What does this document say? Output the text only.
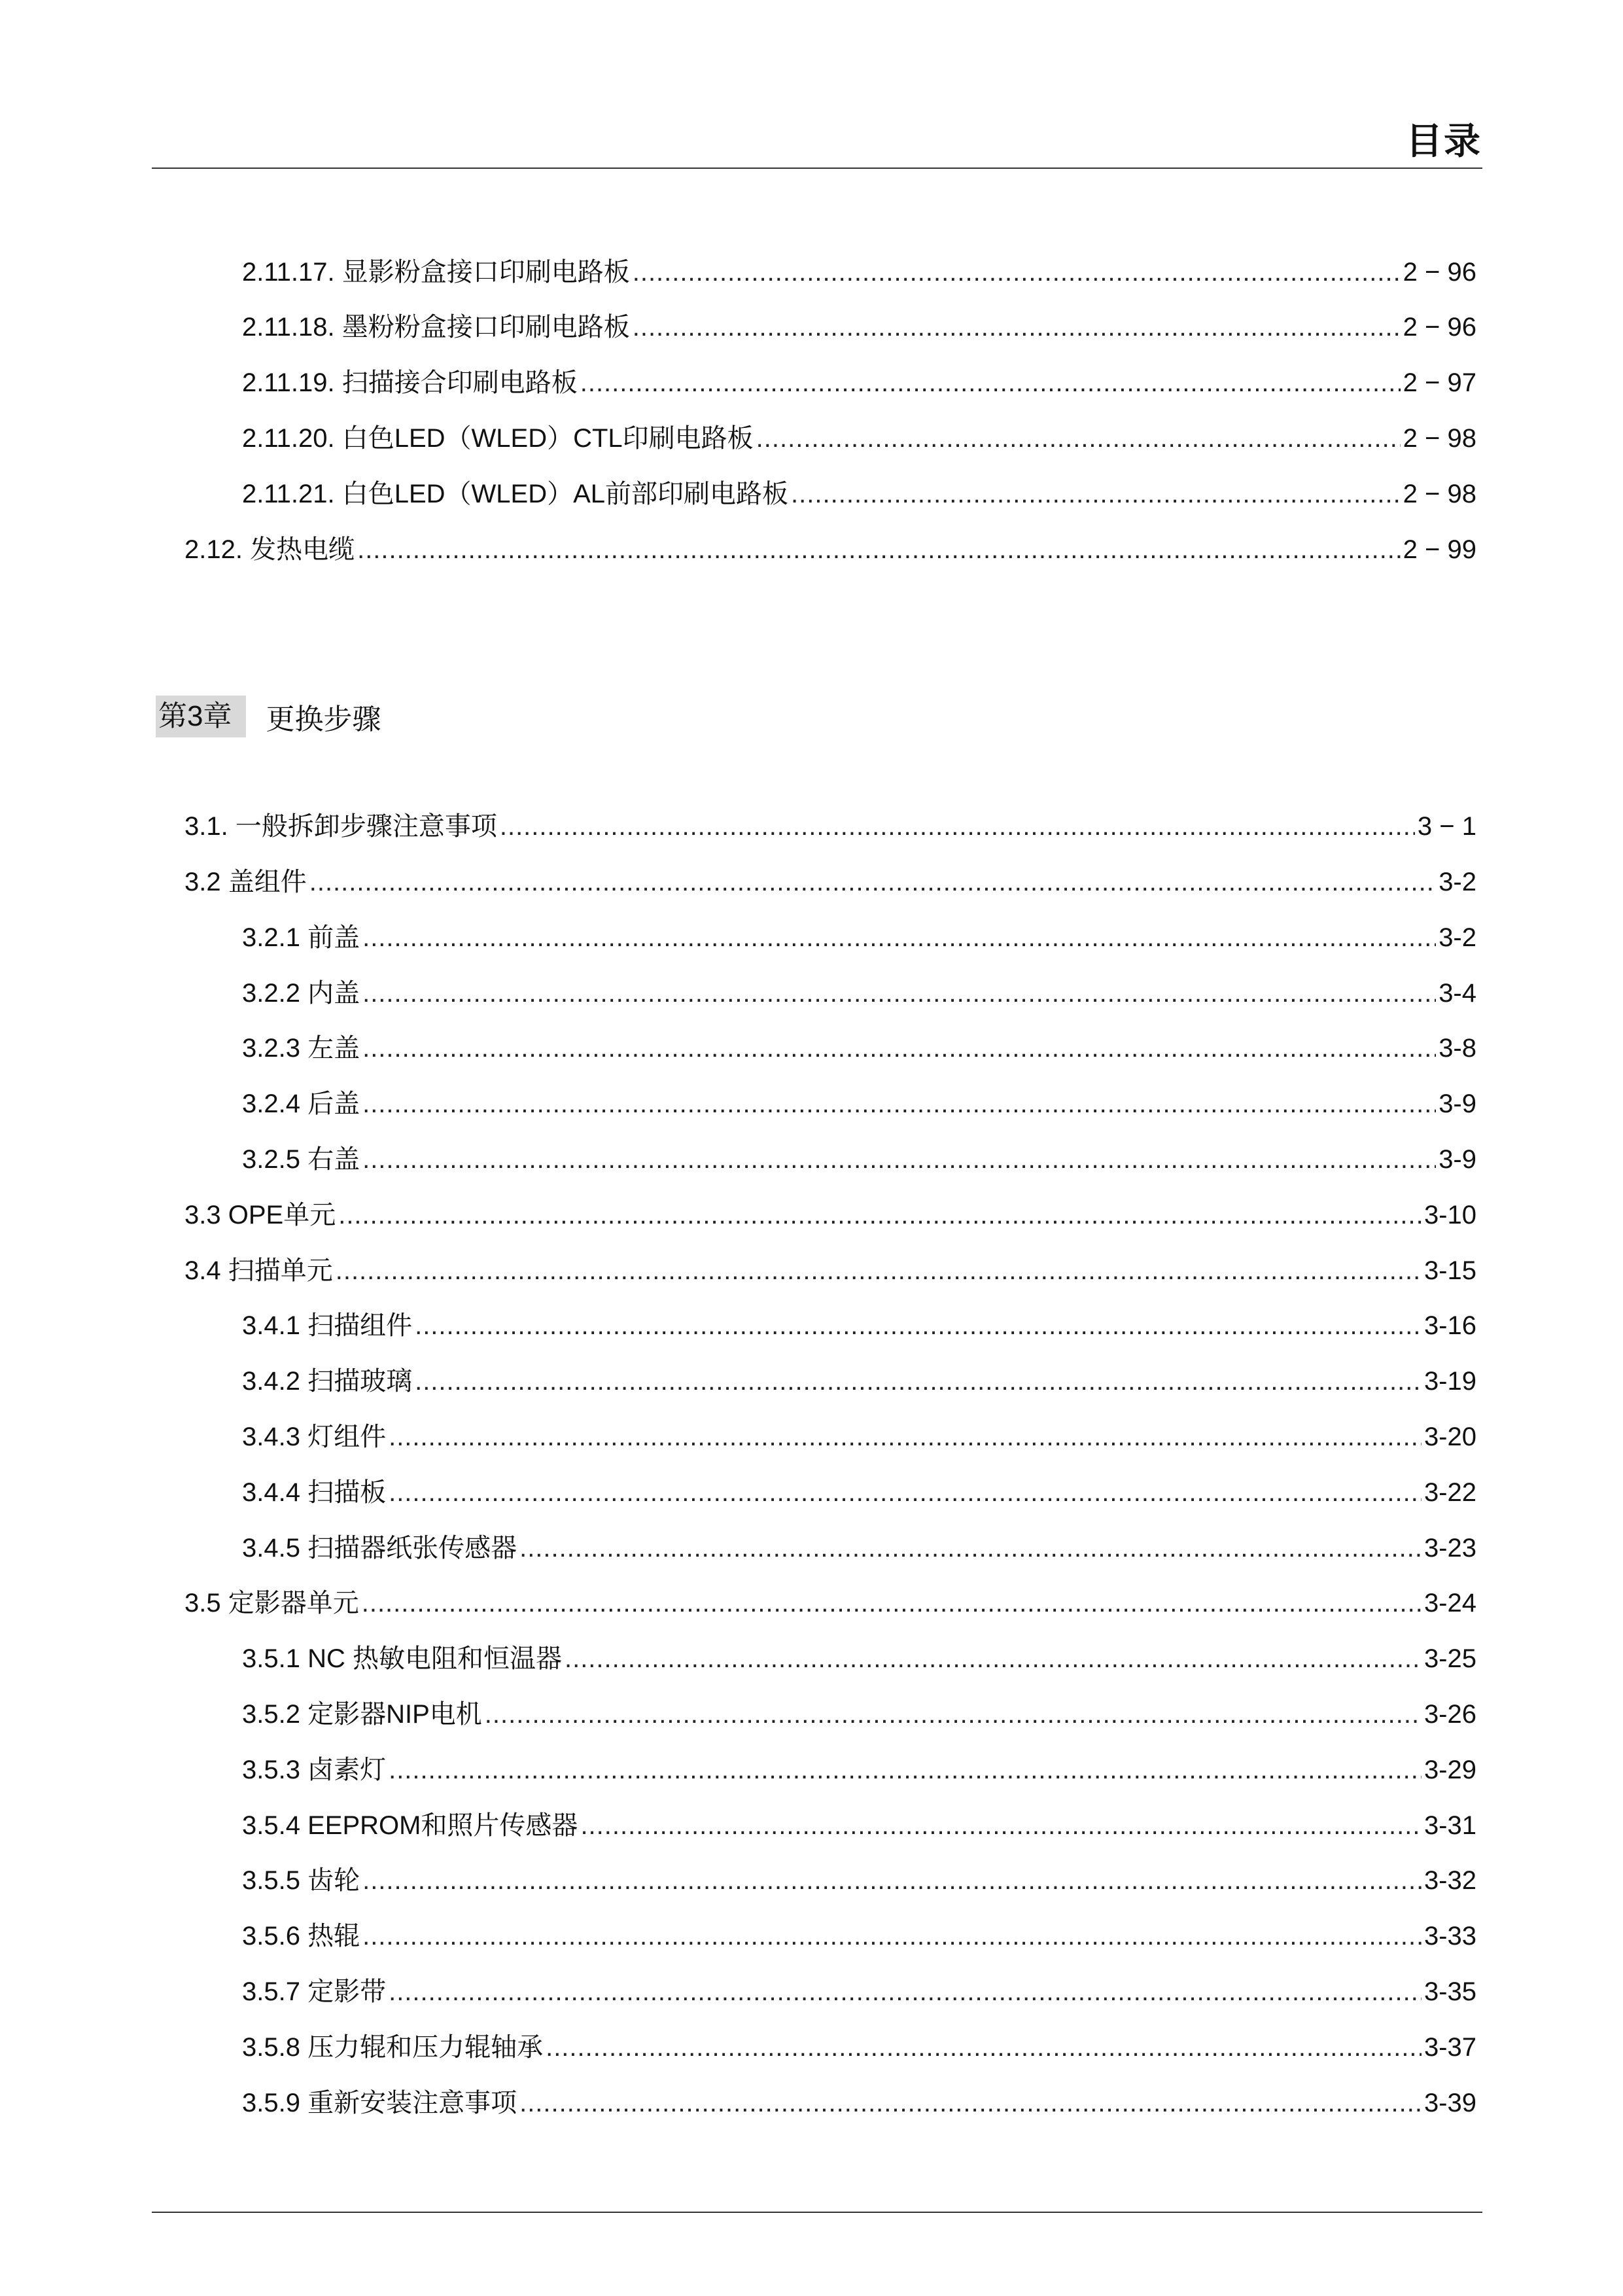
目录
2.11.17. 显影粉盒接口印刷电路板 .....	2 − 96
2.11.18. 墨粉粉盒接口印刷电路板 .....	2 − 96
2.11.19. 扫描接合印刷电路板 .....	2 − 97
2.11.20. 白色LED（WLED）CTL印刷电路板 .....	2 − 98
2.11.21. 白色LED（WLED）AL前部印刷电路板 .....	2 − 98
2.12. 发热电缆 .....	2 − 99
第3章	更换步骤
3.1. 一般拆卸步骤注意事项 .....	3 − 1
3.2 盖组件 .....	3-2
3.2.1 前盖 .....	3-2
3.2.2 内盖 .....	3-4
3.2.3 左盖 .....	3-8
3.2.4 后盖 .....	3-9
3.2.5 右盖 .....	3-9
3.3 OPE单元 .....	3-10
3.4 扫描单元 .....	3-15
3.4.1 扫描组件 .....	3-16
3.4.2 扫描玻璃 .....	3-19
3.4.3 灯组件 .....	3-20
3.4.4 扫描板 .....	3-22
3.4.5 扫描器纸张传感器 .....	3-23
3.5 定影器单元 .....	3-24
3.5.1 NC 热敏电阻和恒温器 .....	3-25
3.5.2 定影器NIP电机 .....	3-26
3.5.3 卤素灯 .....	3-29
3.5.4 EEPROM和照片传感器 .....	3-31
3.5.5 齿轮 .....	3-32
3.5.6 热辊 .....	3-33
3.5.7 定影带 .....	3-35
3.5.8 压力辊和压力辊轴承 .....	3-37
3.5.9 重新安装注意事项 .....	3-39
